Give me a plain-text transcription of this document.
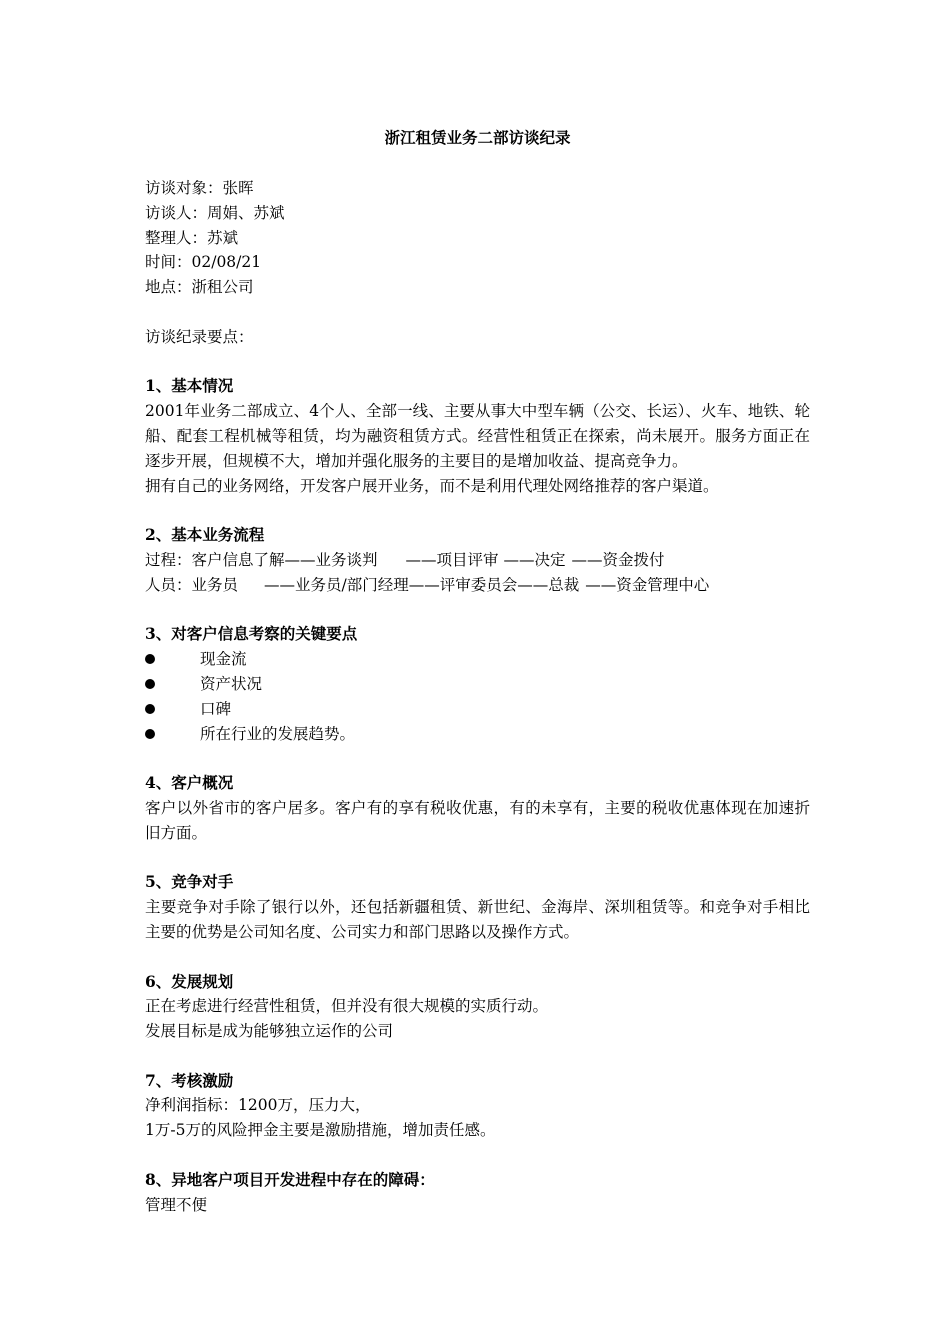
浙江租赁业务二部访谈纪录
访谈对象：张晖
访谈人：周娟、苏斌
整理人：苏斌
时间：02/08/21
地点：浙租公司
访谈纪录要点：
1、基本情况
2001年业务二部成立、4个人、全部一线、主要从事大中型车辆（公交、长运）、火车、地铁、轮船、配套工程机械等租赁，均为融资租赁方式。经营性租赁正在探索，尚未展开。服务方面正在逐步开展，但规模不大，增加并强化服务的主要目的是增加收益、提高竞争力。
拥有自己的业务网络，开发客户展开业务，而不是利用代理处网络推荐的客户渠道。
2、基本业务流程
过程：客户信息了解——业务谈判 ——项目评审 ——决定 ——资金拨付
人员：业务员 ——业务员/部门经理——评审委员会——总裁 ——资金管理中心
3、对客户信息考察的关键要点
现金流
资产状况
口碑
所在行业的发展趋势。
4、客户概况
客户以外省市的客户居多。客户有的享有税收优惠，有的未享有，主要的税收优惠体现在加速折旧方面。
5、竞争对手
主要竞争对手除了银行以外，还包括新疆租赁、新世纪、金海岸、深圳租赁等。和竞争对手相比主要的优势是公司知名度、公司实力和部门思路以及操作方式。
6、发展规划
正在考虑进行经营性租赁，但并没有很大规模的实质行动。
发展目标是成为能够独立运作的公司
7、考核激励
净利润指标：1200万，压力大，
1万-5万的风险押金主要是激励措施，增加责任感。
8、异地客户项目开发进程中存在的障碍：
管理不便
